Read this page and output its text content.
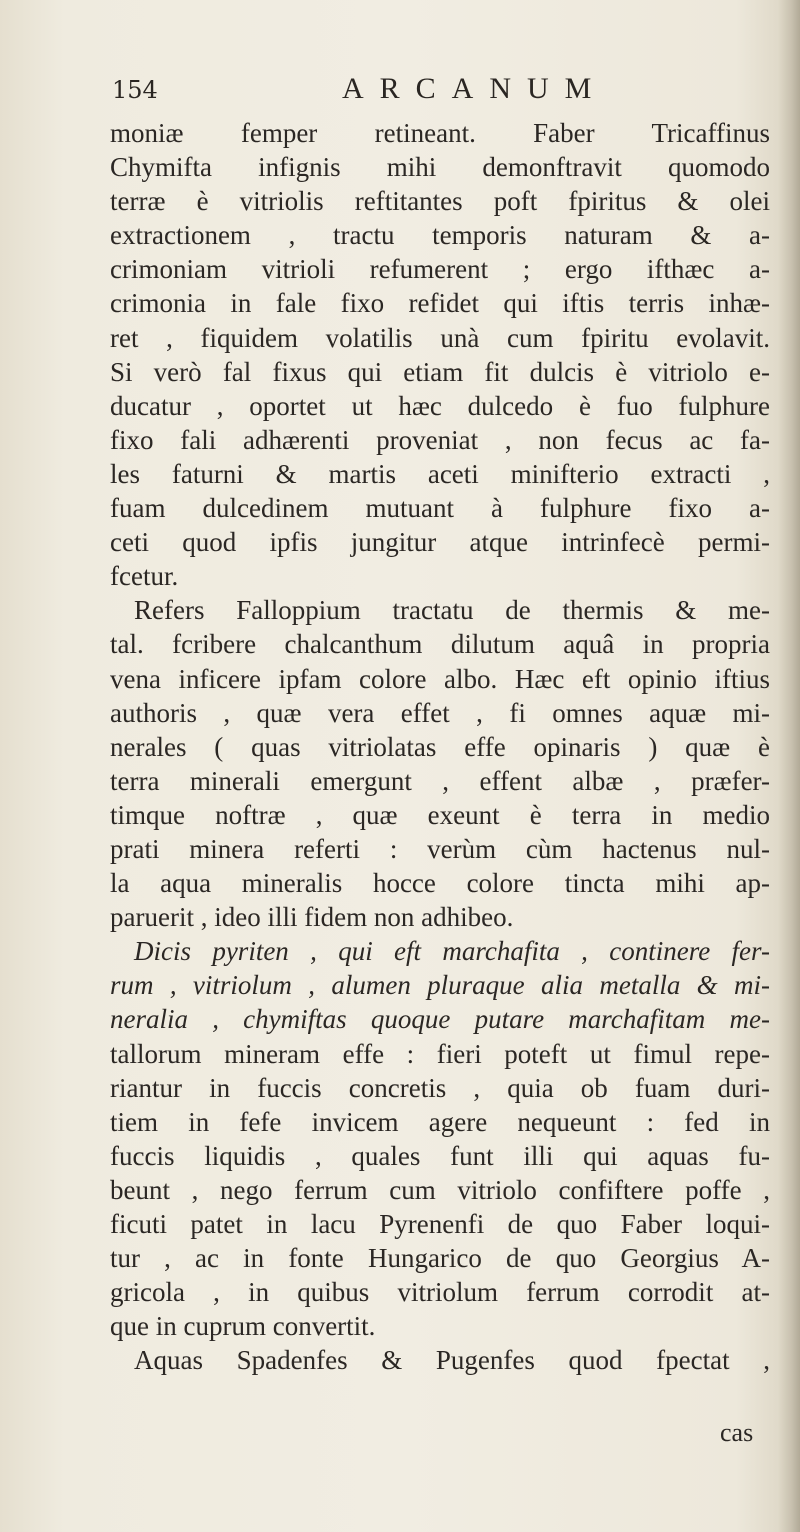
154	ARCANUM
moniæ femper retineant. Faber Tricaffinus
Chymifta infignis mihi demonftravit quomodo
terræ è vitriolis reftitantes poft fpiritus & olei
extractionem , tractu temporis naturam & a-
crimoniam vitrioli refumerent ; ergo ifthæc a-
crimonia in fale fixo refidet qui iftis terris inhæ-
ret , fiquidem volatilis unà cum fpiritu evolavit.
Si verò fal fixus qui etiam fit dulcis è vitriolo e-
ducatur , oportet ut hæc dulcedo è fuo fulphure
fixo fali adhærenti proveniat , non fecus ac fa-
les faturni & martis aceti minifterio extracti ,
fuam dulcedinem mutuant à fulphure fixo a-
ceti quod ipfis jungitur atque intrinfecè permi-
fcetur.
Refers Falloppium tractatu de thermis & me-
tal. fcribere chalcanthum dilutum aquâ in propria
vena inficere ipfam colore albo. Hæc eft opinio iftius
authoris , quæ vera effet , fi omnes aquæ mi-
nerales ( quas vitriolatas effe opinaris ) quæ è
terra minerali emergunt , effent albæ , præfer-
timque noftræ , quæ exeunt è terra in medio
prati minera referti : verùm cùm hactenus nul-
la aqua mineralis hocce colore tincta mihi ap-
paruerit , ideo illi fidem non adhibeo.
Dicis pyriten , qui eft marchafita , continere fer-
rum , vitriolum , alumen pluraque alia metalla & mi-
neralia , chymiftas quoque putare marchafitam me-
tallorum mineram effe : fieri poteft ut fimul repe-
riantur in fuccis concretis , quia ob fuam duri-
tiem in fefe invicem agere nequeunt : fed in
fuccis liquidis , quales funt illi qui aquas fu-
beunt , nego ferrum cum vitriolo confiftere poffe ,
ficuti patet in lacu Pyrenenfi de quo Faber loqui-
tur , ac in fonte Hungarico de quo Georgius A-
gricola , in quibus vitriolum ferrum corrodit at-
que in cuprum convertit.
Aquas Spadenfes & Pugenfes quod fpectat ,
cas
